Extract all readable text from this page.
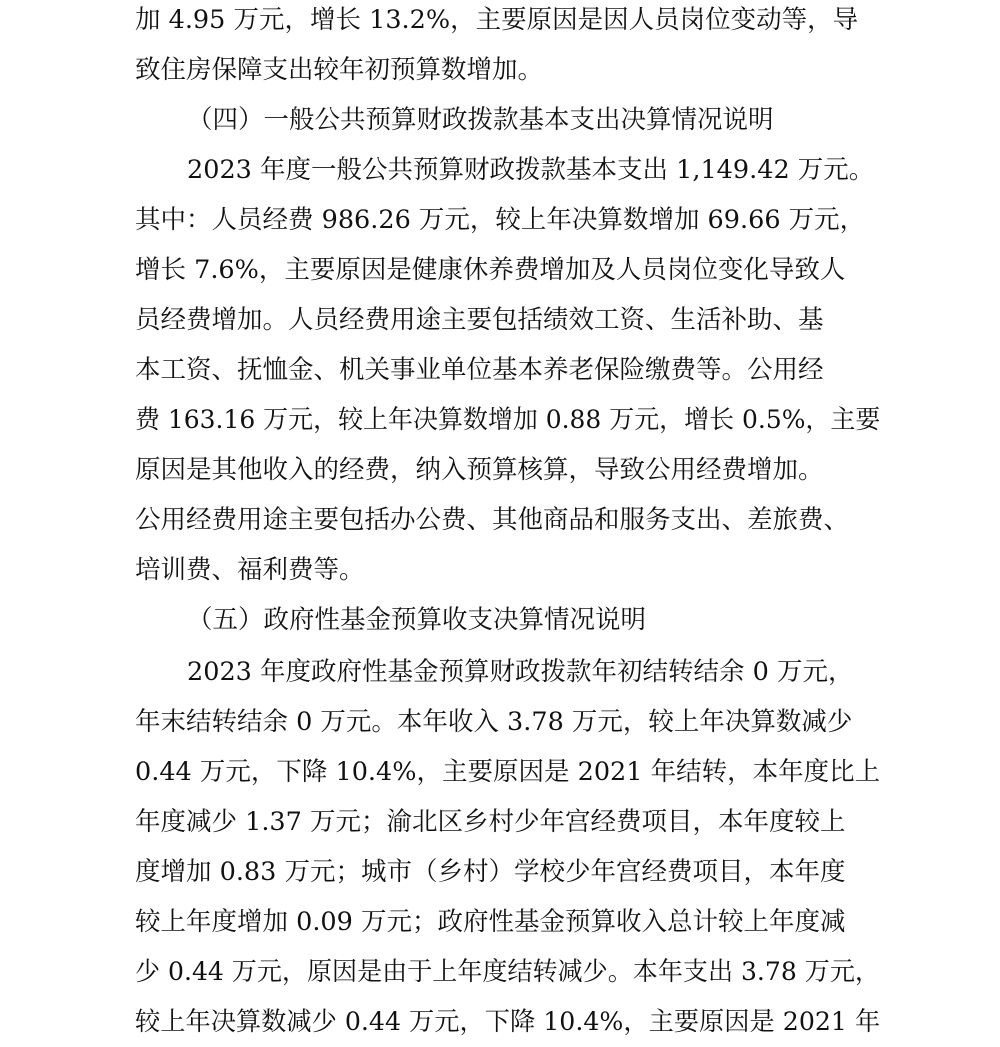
加 4.95 万元，增长 13.2%，主要原因是因人员岗位变动等，导

致住房保障支出较年初预算数增加。

（四）一般公共预算财政拨款基本支出决算情况说明

2023 年度一般公共预算财政拨款基本支出 1,149.42 万元。

其中：人员经费 986.26 万元，较上年决算数增加 69.66 万元，

增长 7.6%，主要原因是健康休养费增加及人员岗位变化导致人

员经费增加。人员经费用途主要包括绩效工资、生活补助、基

本工资、抚恤金、机关事业单位基本养老保险缴费等。公用经

费 163.16 万元，较上年决算数增加 0.88 万元，增长 0.5%，主要

原因是其他收入的经费，纳入预算核算，导致公用经费增加。

公用经费用途主要包括办公费、其他商品和服务支出、差旅费、

培训费、福利费等。

（五）政府性基金预算收支决算情况说明

2023 年度政府性基金预算财政拨款年初结转结余 0 万元，

年末结转结余 0 万元。本年收入 3.78 万元，较上年决算数减少

0.44 万元，下降 10.4%，主要原因是 2021 年结转，本年度比上

年度减少 1.37 万元；渝北区乡村少年宫经费项目，本年度较上

度增加 0.83 万元；城市（乡村）学校少年宫经费项目，本年度

较上年度增加 0.09 万元；政府性基金预算收入总计较上年度减

少 0.44 万元，原因是由于上年度结转减少。本年支出 3.78 万元，

较上年决算数减少 0.44 万元，下降 10.4%，主要原因是 2021 年
